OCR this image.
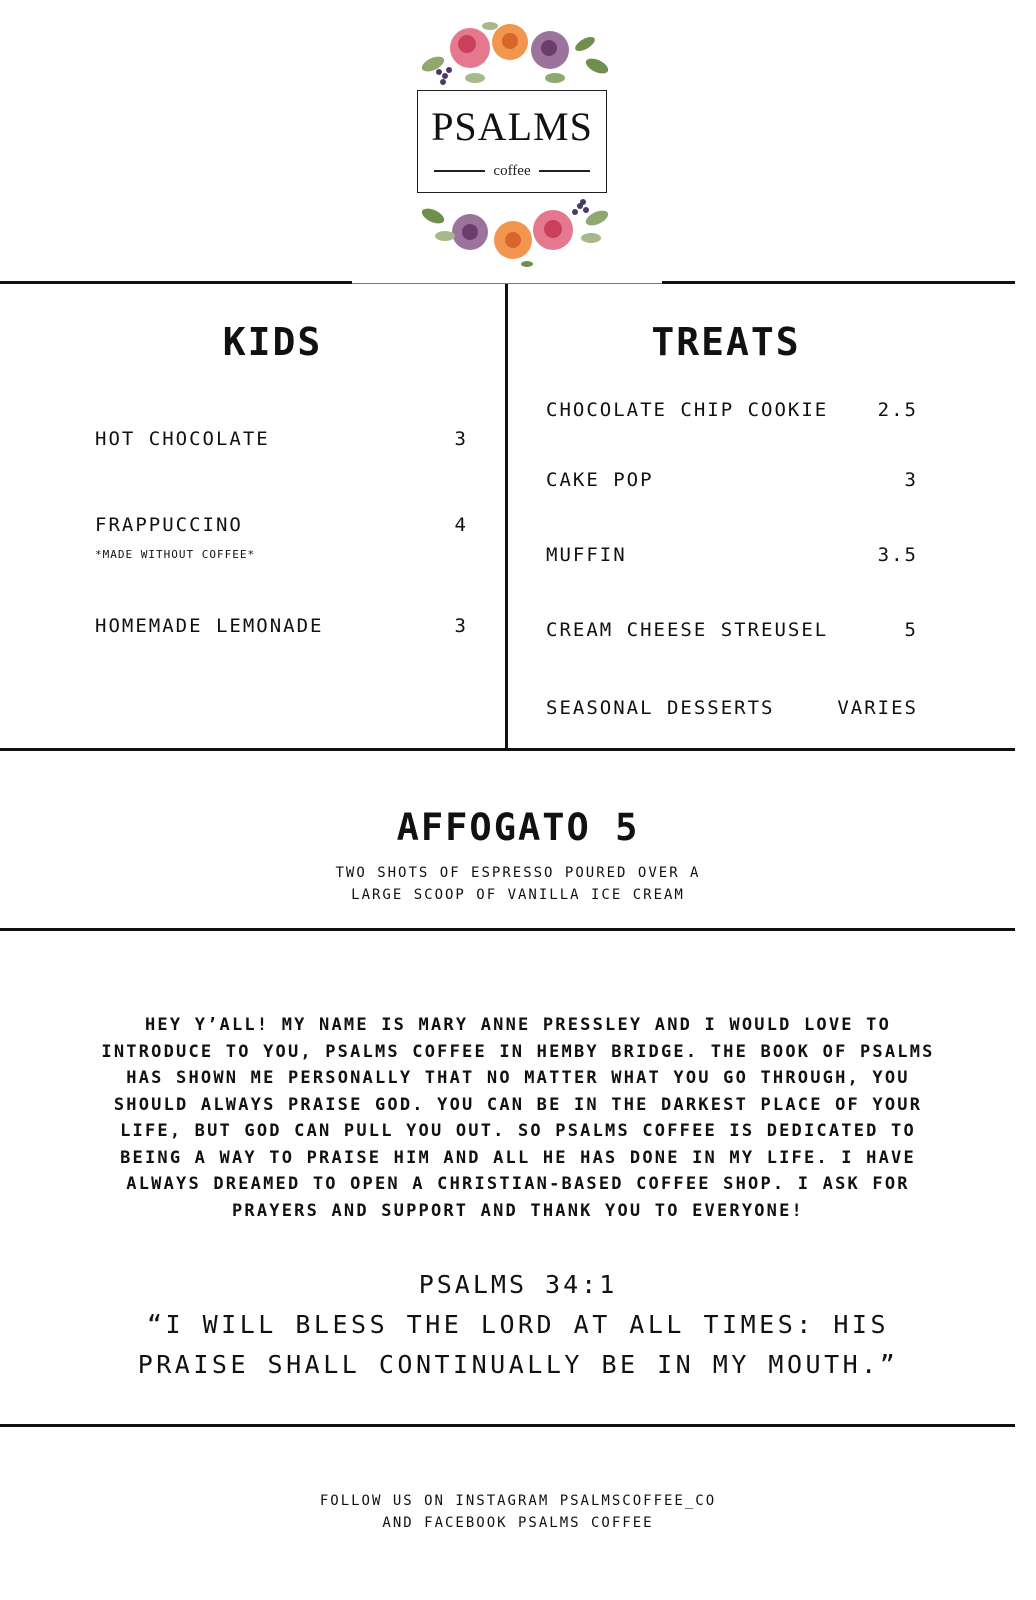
PSALMS
coffee
KIDS
HOT CHOCOLATE	3
FRAPPUCCINO	4
*MADE WITHOUT COFFEE*
HOMEMADE LEMONADE	3
TREATS
CHOCOLATE CHIP COOKIE	2.5
CAKE POP	3
MUFFIN	3.5
CREAM CHEESE STREUSEL	5
SEASONAL DESSERTS	VARIES
AFFOGATO 5
TWO SHOTS OF ESPRESSO POURED OVER A
LARGE SCOOP OF VANILLA ICE CREAM
HEY Y’ALL! MY NAME IS MARY ANNE PRESSLEY AND I WOULD LOVE TO INTRODUCE TO YOU, PSALMS COFFEE IN HEMBY BRIDGE. THE BOOK OF PSALMS HAS SHOWN ME PERSONALLY THAT NO MATTER WHAT YOU GO THROUGH, YOU SHOULD ALWAYS PRAISE GOD. YOU CAN BE IN THE DARKEST PLACE OF YOUR LIFE, BUT GOD CAN PULL YOU OUT. SO PSALMS COFFEE IS DEDICATED TO BEING A WAY TO PRAISE HIM AND ALL HE HAS DONE IN MY LIFE. I HAVE ALWAYS DREAMED TO OPEN A CHRISTIAN-BASED COFFEE SHOP. I ASK FOR PRAYERS AND SUPPORT AND THANK YOU TO EVERYONE!
PSALMS 34:1
“I WILL BLESS THE LORD AT ALL TIMES: HIS
PRAISE SHALL CONTINUALLY BE IN MY MOUTH.”
FOLLOW US ON INSTAGRAM PSALMSCOFFEE_CO
AND FACEBOOK PSALMS COFFEE
